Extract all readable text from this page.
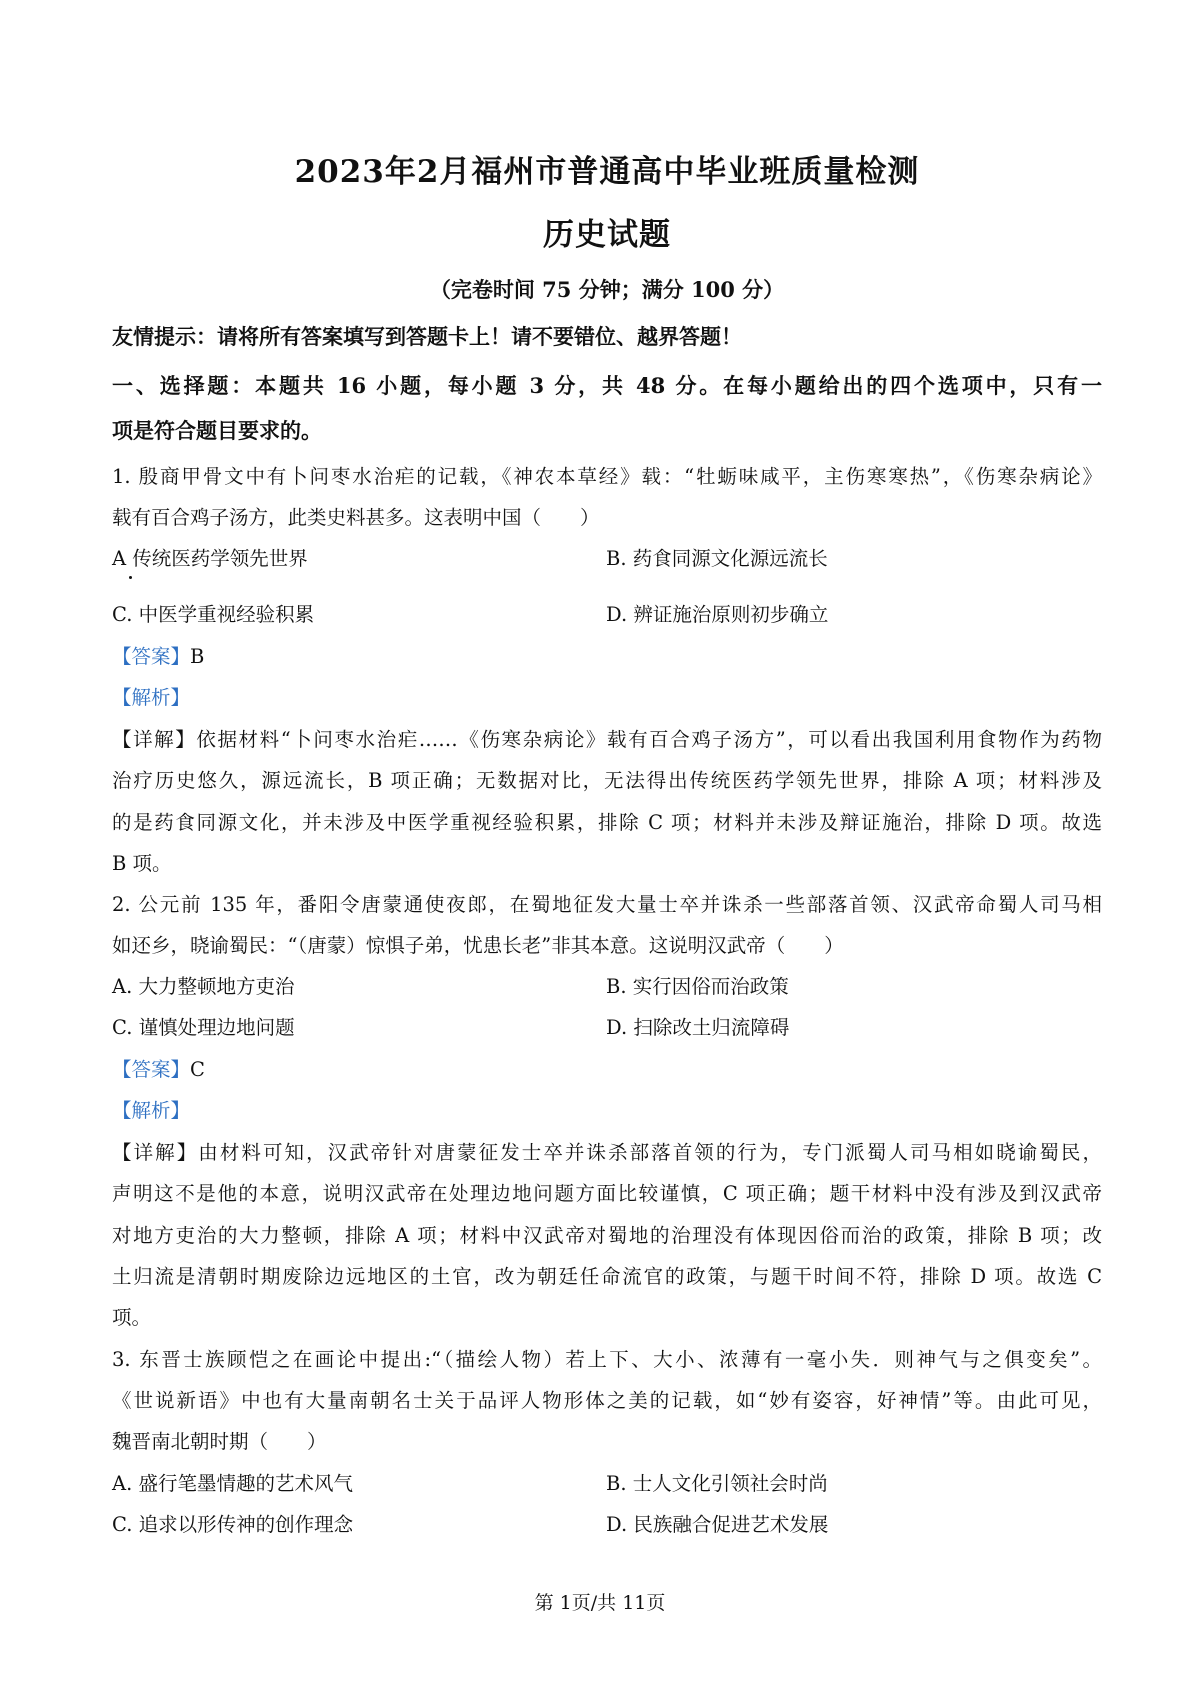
2023年2月福州市普通高中毕业班质量检测
历史试题
（完卷时间 75 分钟；满分 100 分）
友情提示：请将所有答案填写到答题卡上！请不要错位、越界答题！
一、选择题：本题共 16 小题，每小题 3 分，共 48 分。在每小题给出的四个选项中，只有一
项是符合题目要求的。
1. 殷商甲骨文中有卜问枣水治疟的记载，《神农本草经》载：“牡蛎味咸平，主伤寒寒热”，《伤寒杂病论》
载有百合鸡子汤方，此类史料甚多。这表明中国（　　）
A 传统医药学领先世界	B. 药食同源文化源远流长
C. 中医学重视经验积累	D. 辨证施治原则初步确立
【答案】B
【解析】
【详解】依据材料“卜问枣水治疟……《伤寒杂病论》载有百合鸡子汤方”，可以看出我国利用食物作为药物
治疗历史悠久，源远流长，B 项正确；无数据对比，无法得出传统医药学领先世界，排除 A 项；材料涉及
的是药食同源文化，并未涉及中医学重视经验积累，排除 C 项；材料并未涉及辩证施治，排除 D 项。故选
B 项。
2. 公元前 135 年，番阳令唐蒙通使夜郎，在蜀地征发大量士卒并诛杀一些部落首领、汉武帝命蜀人司马相
如还乡，晓谕蜀民：“（唐蒙）惊惧子弟，忧患长老”非其本意。这说明汉武帝（　　）
A. 大力整顿地方吏治	B. 实行因俗而治政策
C. 谨慎处理边地问题	D. 扫除改土归流障碍
【答案】C
【解析】
【详解】由材料可知，汉武帝针对唐蒙征发士卒并诛杀部落首领的行为，专门派蜀人司马相如晓谕蜀民，
声明这不是他的本意，说明汉武帝在处理边地问题方面比较谨慎，C 项正确；题干材料中没有涉及到汉武帝
对地方吏治的大力整顿，排除 A 项；材料中汉武帝对蜀地的治理没有体现因俗而治的政策，排除 B 项；改
土归流是清朝时期废除边远地区的土官，改为朝廷任命流官的政策，与题干时间不符，排除 D 项。故选 C
项。
3. 东晋士族顾恺之在画论中提出:“（描绘人物）若上下、大小、浓薄有一毫小失．则神气与之俱变矣”。
《世说新语》中也有大量南朝名士关于品评人物形体之美的记载，如“妙有姿容，好神情”等。由此可见，
魏晋南北朝时期（　　）
A. 盛行笔墨情趣的艺术风气	B. 士人文化引领社会时尚
C. 追求以形传神的创作理念	D. 民族融合促进艺术发展
第 1页/共 11页
